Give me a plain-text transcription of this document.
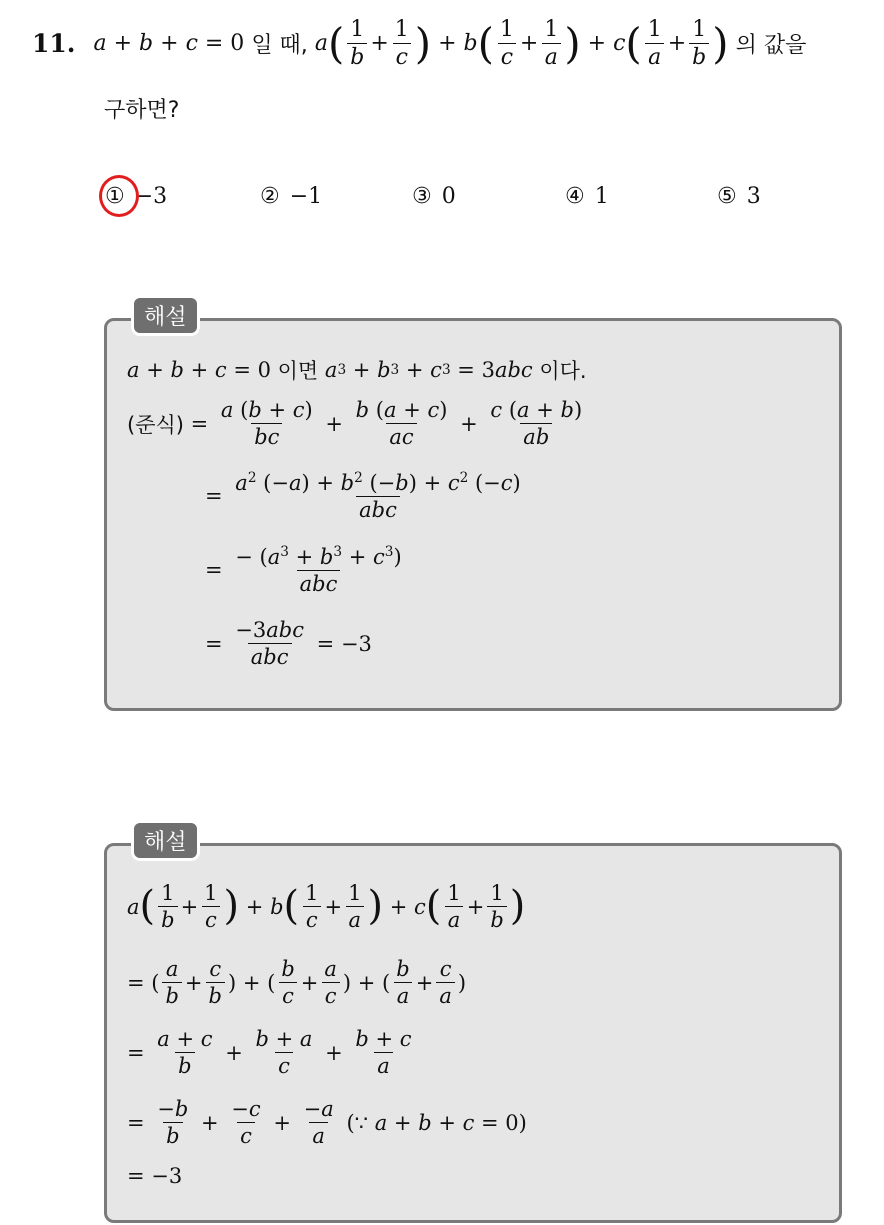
11. a + b + c = 0 일 때,
a ( $\frac{1}{b} + \frac{1}{c}$ ) + b ( $\frac{1}{c} + \frac{1}{a}$ ) + c ( $\frac{1}{a} + \frac{1}{b}$ )
의 값을
구하면?
① −3	② −1	③ 0	④ 1	⑤ 3
해설
a + b + c = 0 이면
a 3 + b 3 + c 3 = 3 abc
이다.
(준식) = $\frac{a (b + c)}{bc} + \frac{b (a + c)}{ac} + \frac{c (a + b)}{ab}$
= $\frac{a^2 (-a) + b^2 (-b) + c^2 (-c)}{\text{abc}}$
= $\frac{- (a^3 + b^3 + c^3)}{\text{abc}}$
= $\frac{\text{−3abc}}{\text{abc}}$
= −3
해설
a ( $\frac{1}{b} + \frac{1}{c}$ ) + b ( $\frac{1}{c} + \frac{1}{a}$ ) + c ( $\frac{1}{a} + \frac{1}{b}$ )
= ( $\frac{a}{b} + \frac{c}{b}$ ) + ( $\frac{b}{c} + \frac{a}{c}$ ) + ( $\frac{b}{a} + \frac{c}{a}$ )
= $\frac{a + c}{b} + \frac{b + a}{c} + \frac{b + c}{a}$
= $\frac{-b}{b} + \frac{-c}{c} + \frac{-a}{a}$
(∵
a + b + c = 0)
= −3
